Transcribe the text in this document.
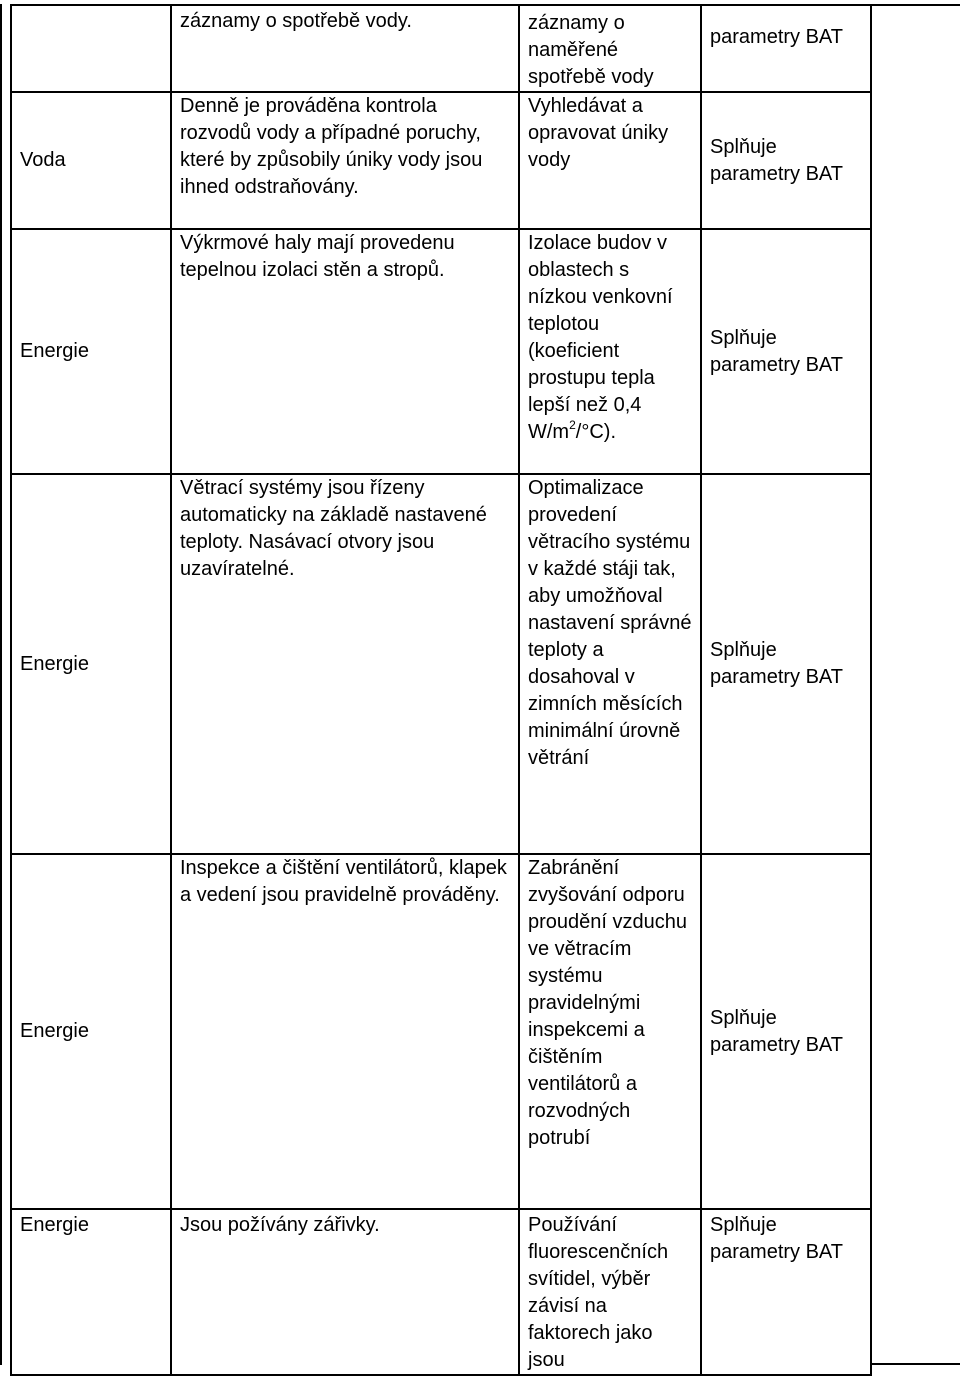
	záznamy o spotřebě vody.	záznamy o naměřené spotřebě vody	parametry BAT
Voda	Denně je prováděna kontrola rozvodů vody a případné poruchy, které by způsobily úniky vody jsou ihned odstraňovány.	Vyhledávat a opravovat úniky vody	Splňuje parametry BAT
Energie	Výkrmové haly mají provedenu tepelnou izolaci stěn a stropů.	Izolace budov v oblastech s nízkou venkovní teplotou (koeficient prostupu tepla lepší než 0,4 $W/m^2/^\circ C$).	Splňuje parametry BAT
Energie	Větrací systémy jsou řízeny automaticky na základě nastavené teploty. Nasávací otvory jsou uzavíratelné.	Optimalizace provedení větracího systému v každé stáji tak, aby umožňoval nastavení správné teploty a dosahoval v zimních měsících minimální úrovně větrání	Splňuje parametry BAT
Energie	Inspekce a čištění ventilátorů, klapek a vedení jsou pravidelně prováděny.	Zabránění zvyšování odporu proudění vzduchu ve větracím systému pravidelnými inspekcemi a čištěním ventilátorů a rozvodných potrubí	Splňuje parametry BAT
Energie	Jsou požívány zářivky.	Používání fluorescenčních svítidel, výběr závisí na faktorech jako jsou	Splňuje parametry BAT
